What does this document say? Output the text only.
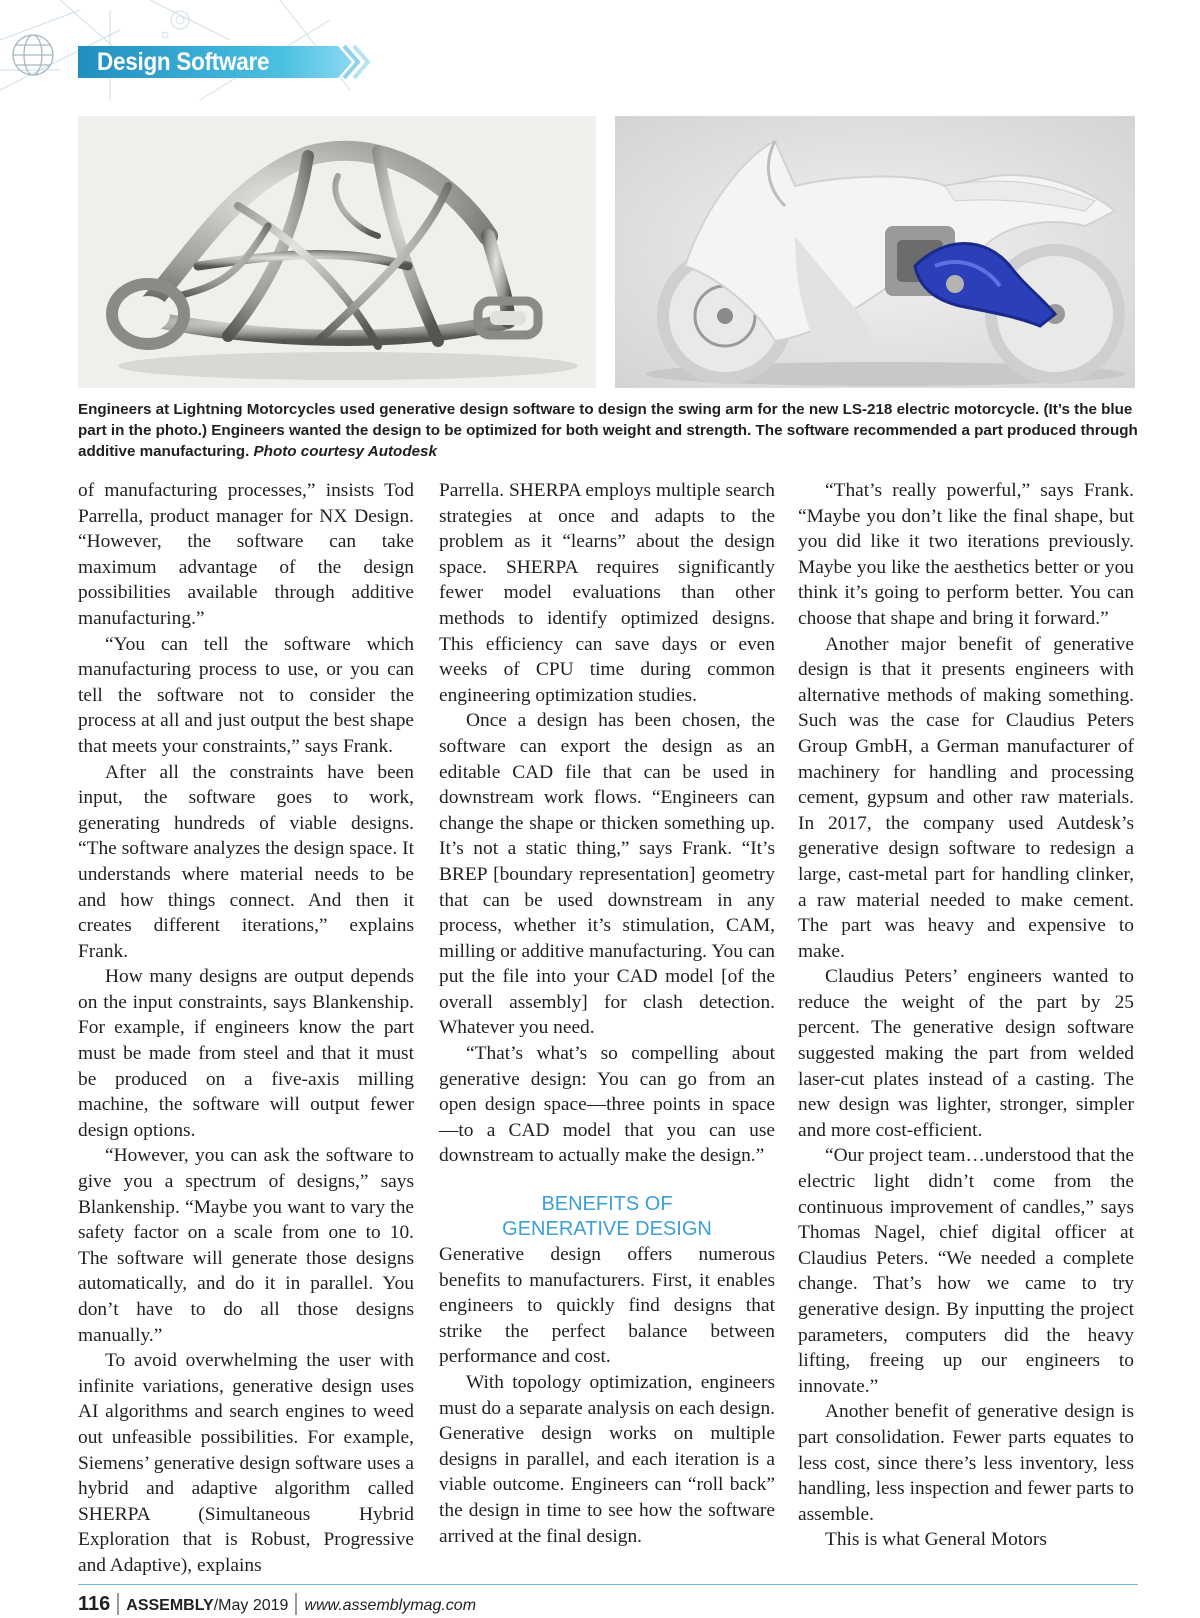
Design Software
Engineers at Lightning Motorcycles used generative design software to design the swing arm for the new LS-218 electric motorcycle. (It’s the blue part in the photo.) Engineers wanted the design to be optimized for both weight and strength. The software recommended a part produced through additive manufacturing. Photo courtesy Autodesk

of manufacturing processes,” insists Tod Parrella, product manager for NX Design. “However, the software can take maximum advantage of the design possibilities available through additive manufacturing.”

“You can tell the software which manufacturing process to use, or you can tell the software not to consider the process at all and just output the best shape that meets your constraints,” says Frank.

After all the constraints have been input, the software goes to work, generating hundreds of viable designs. “The software analyzes the design space. It understands where material needs to be and how things connect. And then it creates different iterations,” explains Frank.

How many designs are output depends on the input constraints, says Blankenship. For example, if engineers know the part must be made from steel and that it must be produced on a five-axis milling machine, the software will output fewer design options.

“However, you can ask the software to give you a spectrum of designs,” says Blankenship. “Maybe you want to vary the safety factor on a scale from one to 10. The software will generate those designs automatically, and do it in parallel. You don’t have to do all those designs manually.”

To avoid overwhelming the user with infinite variations, generative design uses AI algorithms and search engines to weed out unfeasible possibilities. For example, Siemens’ generative design software uses a hybrid and adaptive algorithm called SHERPA (Simultaneous Hybrid Exploration that is Robust, Progressive and Adaptive), explains

Parrella. SHERPA employs multiple search strategies at once and adapts to the problem as it “learns” about the design space. SHERPA requires significantly fewer model evaluations than other methods to identify optimized designs. This efficiency can save days or even weeks of CPU time during common engineering optimization studies.

Once a design has been chosen, the software can export the design as an editable CAD file that can be used in downstream work flows. “Engineers can change the shape or thicken something up. It’s not a static thing,” says Frank. “It’s BREP [boundary representation] geometry that can be used downstream in any process, whether it’s stimulation, CAM, milling or additive manufacturing. You can put the file into your CAD model [of the overall assembly] for clash detection. Whatever you need.

“That’s what’s so compelling about generative design: You can go from an open design space—three points in space—to a CAD model that you can use downstream to actually make the design.”

BENEFITS OF
GENERATIVE DESIGN

Generative design offers numerous benefits to manufacturers. First, it enables engineers to quickly find designs that strike the perfect balance between performance and cost.

With topology optimization, engineers must do a separate analysis on each design. Generative design works on multiple designs in parallel, and each iteration is a viable outcome. Engineers can “roll back” the design in time to see how the software arrived at the final design.

“That’s really powerful,” says Frank. “Maybe you don’t like the final shape, but you did like it two iterations previously. Maybe you like the aesthetics better or you think it’s going to perform better. You can choose that shape and bring it forward.”

Another major benefit of generative design is that it presents engineers with alternative methods of making something. Such was the case for Claudius Peters Group GmbH, a German manufacturer of machinery for handling and processing cement, gypsum and other raw materials. In 2017, the company used Autdesk’s generative design software to redesign a large, cast-metal part for handling clinker, a raw material needed to make cement. The part was heavy and expensive to make.

Claudius Peters’ engineers wanted to reduce the weight of the part by 25 percent. The generative design software suggested making the part from welded laser-cut plates instead of a casting. The new design was lighter, stronger, simpler and more cost-efficient.

“Our project team…understood that the electric light didn’t come from the continuous improvement of candles,” says Thomas Nagel, chief digital officer at Claudius Peters. “We needed a complete change. That’s how we came to try generative design. By inputting the project parameters, computers did the heavy lifting, freeing up our engineers to innovate.”

Another benefit of generative design is part consolidation. Fewer parts equates to less cost, since there’s less inventory, less handling, less inspection and fewer parts to assemble.

This is what General Motors

116 ASSEMBLY/May 2019 www.assemblymag.com
